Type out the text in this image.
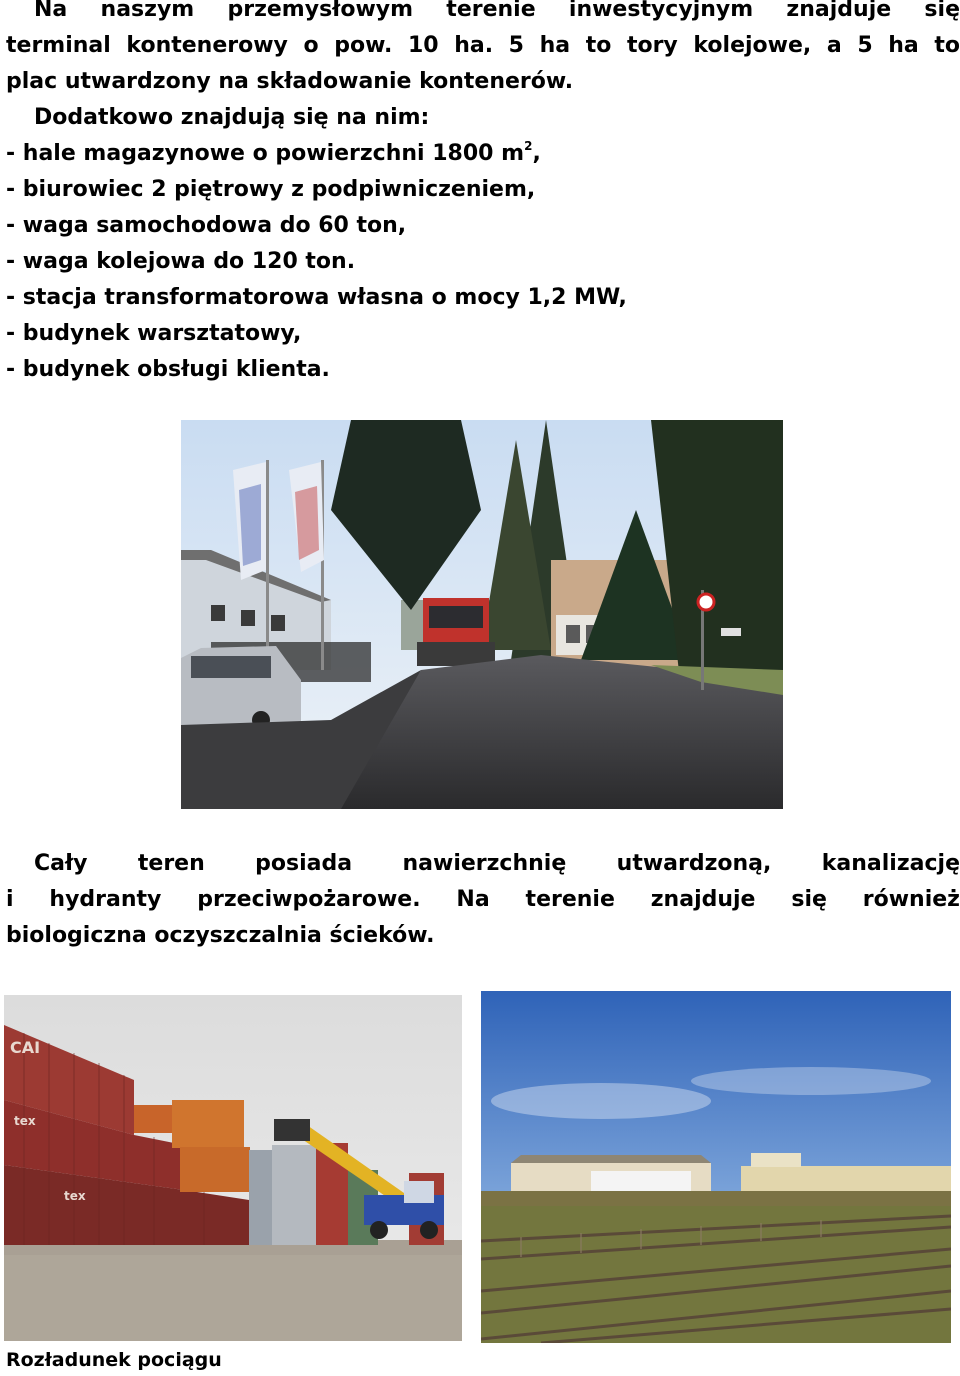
Na naszym przemysłowym terenie inwestycyjnym znajduje się
terminal kontenerowy o pow. 10 ha. 5 ha to tory kolejowe, a 5 ha to
plac utwardzony na składowanie kontenerów.
Dodatkowo znajdują się na nim:
- hale magazynowe o powierzchni 1800 $m^2$,
- biurowiec 2 piętrowy z podpiwniczeniem,
- waga samochodowa do 60 ton,
- waga kolejowa do 120 ton.
- stacja transformatorowa własna o mocy 1,2 MW,
- budynek warsztatowy,
- budynek obsługi klienta.
Cały teren posiada nawierzchnię utwardzoną, kanalizację
i hydranty przeciwpożarowe. Na terenie znajduje się również
biologiczna oczyszczalnia ścieków.
CAI
tex
tex
Rozładunek pociągu
